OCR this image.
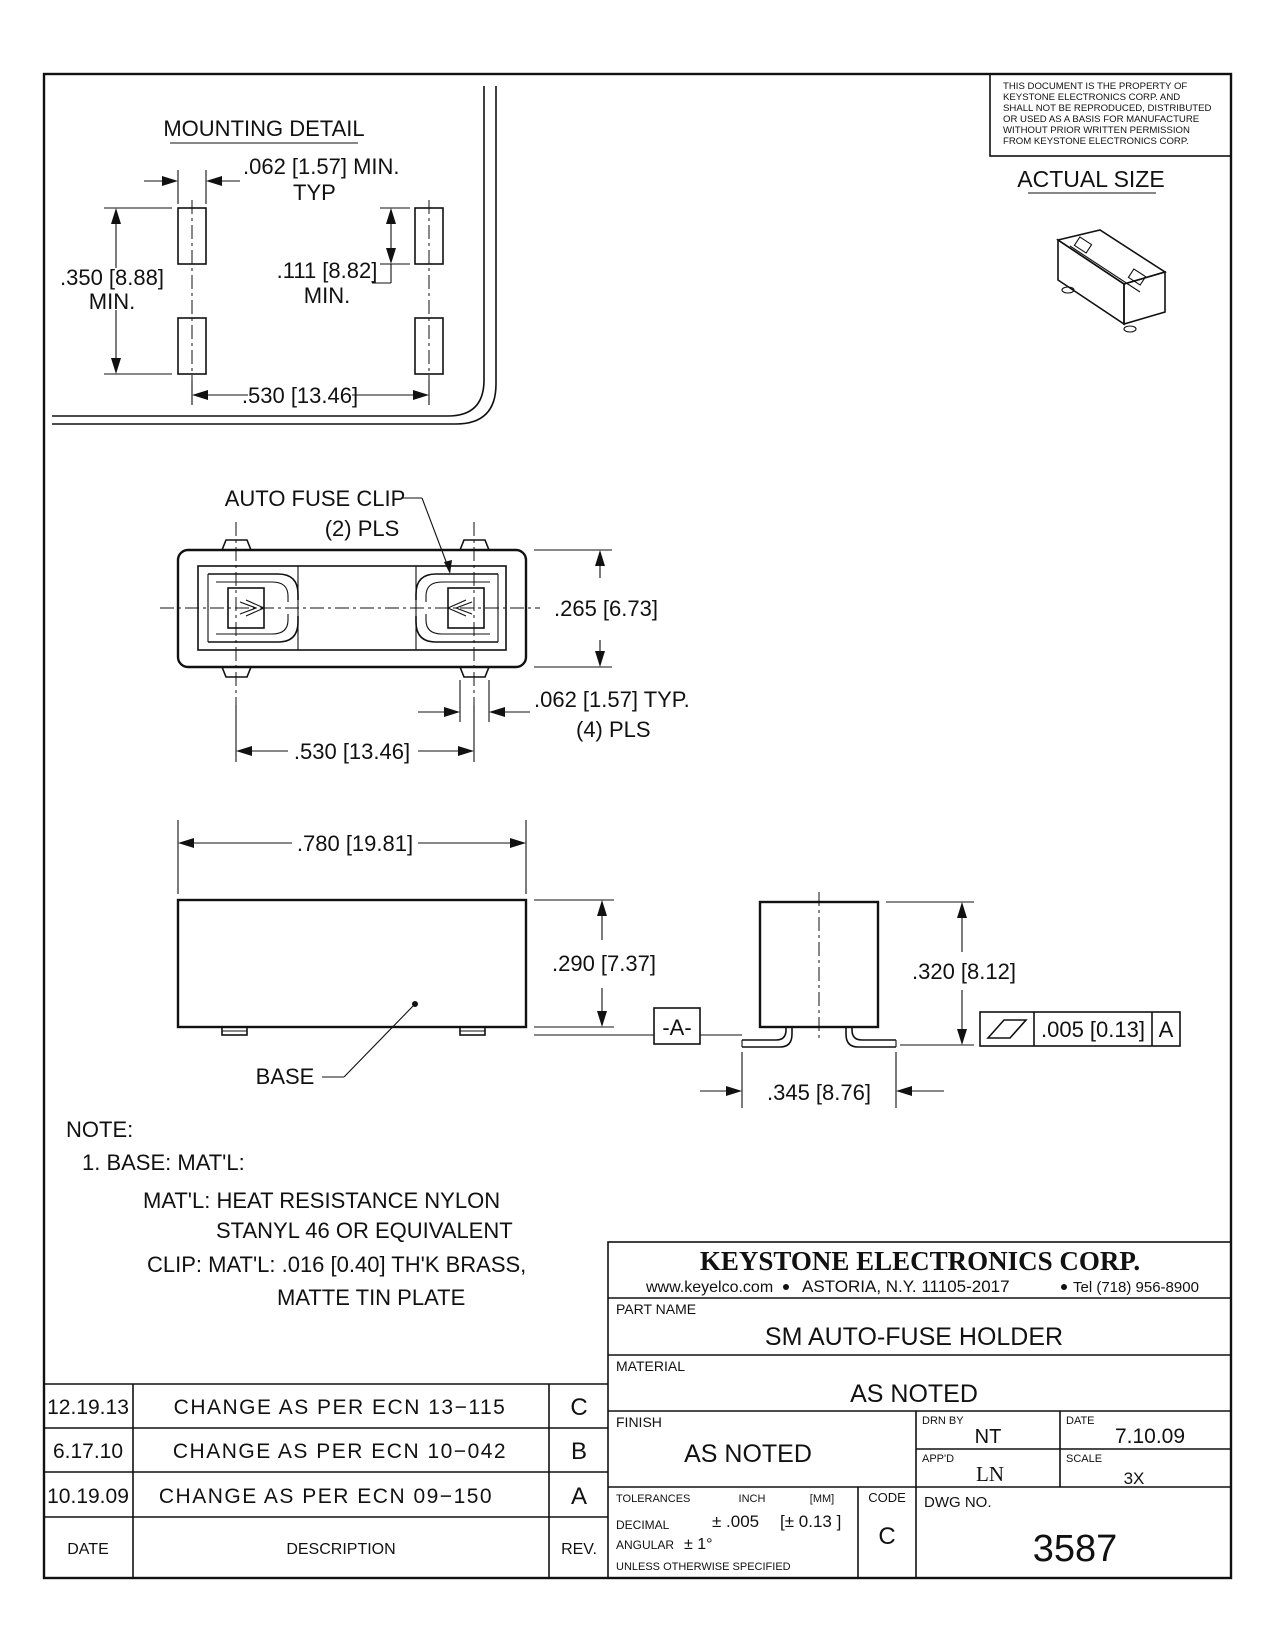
MOUNTING DETAIL
.062 [1.57] MIN.
TYP
.350 [8.88]
MIN.
.111 [8.82]
MIN.
.530 [13.46]
THIS DOCUMENT IS THE PROPERTY OF
KEYSTONE ELECTRONICS CORP. AND
SHALL NOT BE REPRODUCED, DISTRIBUTED
OR USED AS A BASIS FOR MANUFACTURE
WITHOUT PRIOR WRITTEN PERMISSION
FROM KEYSTONE ELECTRONICS CORP.
ACTUAL SIZE
AUTO FUSE CLIP
(2) PLS
.265 [6.73]
.062 [1.57] TYP.
(4) PLS
.530 [13.46]
.780 [19.81]
.290 [7.37]
BASE
-A-
.320 [8.12]
.345 [8.76]
.005 [0.13] A
NOTE:
1. BASE: MAT'L:
MAT'L: HEAT RESISTANCE NYLON
STANYL 46 OR EQUIVALENT
CLIP: MAT'L: .016 [0.40] TH'K BRASS,
MATTE TIN PLATE
12.19.13 CHANGE AS PER ECN 13−115	C
6.17.10 CHANGE AS PER ECN 10−042	B
10.19.09 CHANGE AS PER ECN 09−150	A
DATE	DESCRIPTION	REV.
KEYSTONE ELECTRONICS CORP.
www.keyelco.com ASTORIA, N.Y. 11105-2017	Tel (718) 956-8900
PART NAME
SM AUTO-FUSE HOLDER
MATERIAL
AS NOTED
FINISH
AS NOTED
DRN BY
NT
DATE
7.10.09
APP'D
LN
SCALE
3X
TOLERANCES	INCH	[MM]	CODE
C
DECIMAL	± .005 [± 0.13 ]
ANGULAR ± 1°
UNLESS OTHERWISE SPECIFIED
DWG NO.
3587
